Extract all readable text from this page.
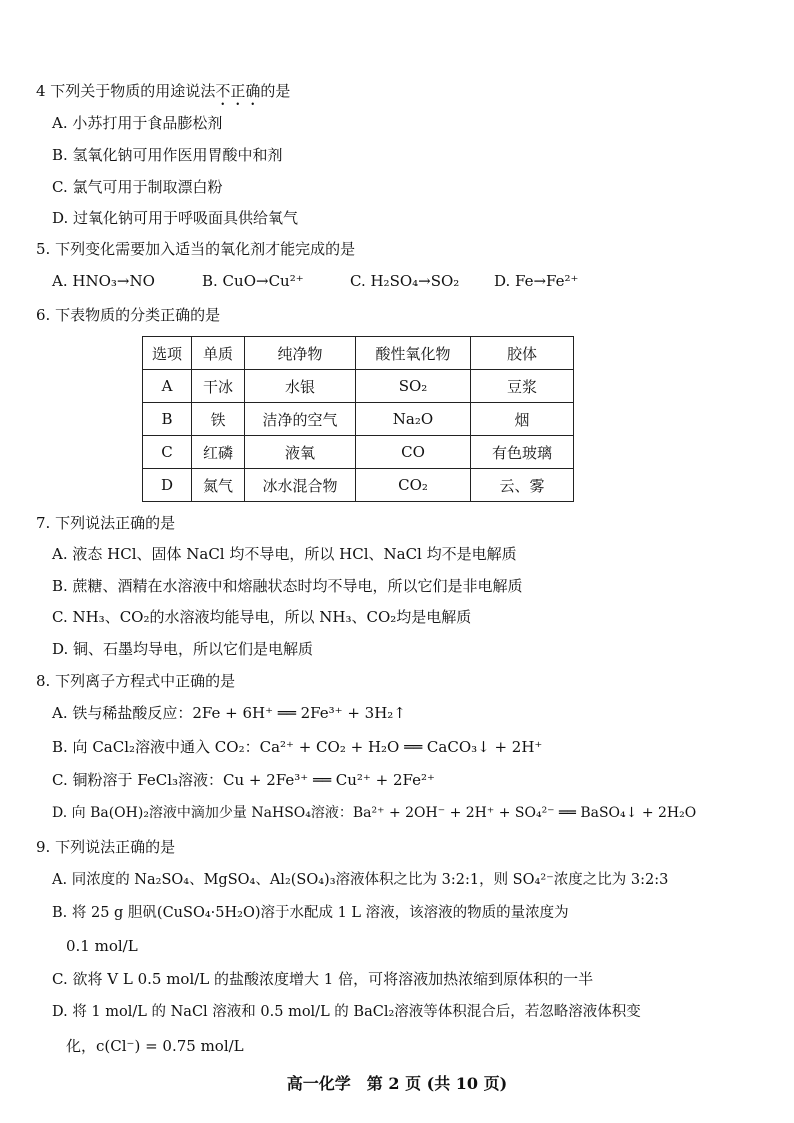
4 下列关于物质的用途说法不正确的是
A. 小苏打用于食品膨松剂
B. 氢氧化钠可用作医用胃酸中和剂
C. 氯气可用于制取漂白粉
D. 过氧化钠可用于呼吸面具供给氧气
5. 下列变化需要加入适当的氧化剂才能完成的是
A. HNO₃→NO	B. CuO→Cu²⁺	C. H₂SO₄→SO₂ D. Fe→Fe²⁺
6. 下表物质的分类正确的是
选项	单质	纯净物	酸性氧化物	胶体
A	干冰	水银	SO₂	豆浆
B	铁	洁净的空气	Na₂O	烟
C	红磷	液氧	CO	有色玻璃
D	氮气	冰水混合物	CO₂	云、雾
7. 下列说法正确的是
A. 液态 HCl、固体 NaCl 均不导电，所以 HCl、NaCl 均不是电解质
B. 蔗糖、酒精在水溶液中和熔融状态时均不导电，所以它们是非电解质
C. NH₃、CO₂的水溶液均能导电，所以 NH₃、CO₂均是电解质
D. 铜、石墨均导电，所以它们是电解质
8. 下列离子方程式中正确的是
A. 铁与稀盐酸反应：2Fe + 6H⁺ ══ 2Fe³⁺ + 3H₂↑
B. 向 CaCl₂溶液中通入 CO₂：Ca²⁺ + CO₂ + H₂O ══ CaCO₃↓ + 2H⁺
C. 铜粉溶于 FeCl₃溶液：Cu + 2Fe³⁺ ══ Cu²⁺ + 2Fe²⁺
D. 向 Ba(OH)₂溶液中滴加少量 NaHSO₄溶液：Ba²⁺ + 2OH⁻ + 2H⁺ + SO₄²⁻ ══ BaSO₄↓ + 2H₂O
9. 下列说法正确的是
A. 同浓度的 Na₂SO₄、MgSO₄、Al₂(SO₄)₃溶液体积之比为 3:2:1，则 SO₄²⁻浓度之比为 3:2:3
B. 将 25 g 胆矾(CuSO₄·5H₂O)溶于水配成 1 L 溶液，该溶液的物质的量浓度为
0.1 mol/L
C. 欲将 V L 0.5 mol/L 的盐酸浓度增大 1 倍，可将溶液加热浓缩到原体积的一半
D. 将 1 mol/L 的 NaCl 溶液和 0.5 mol/L 的 BaCl₂溶液等体积混合后，若忽略溶液体积变
化，c(Cl⁻) = 0.75 mol/L
高一化学　第 2 页 (共 10 页)
